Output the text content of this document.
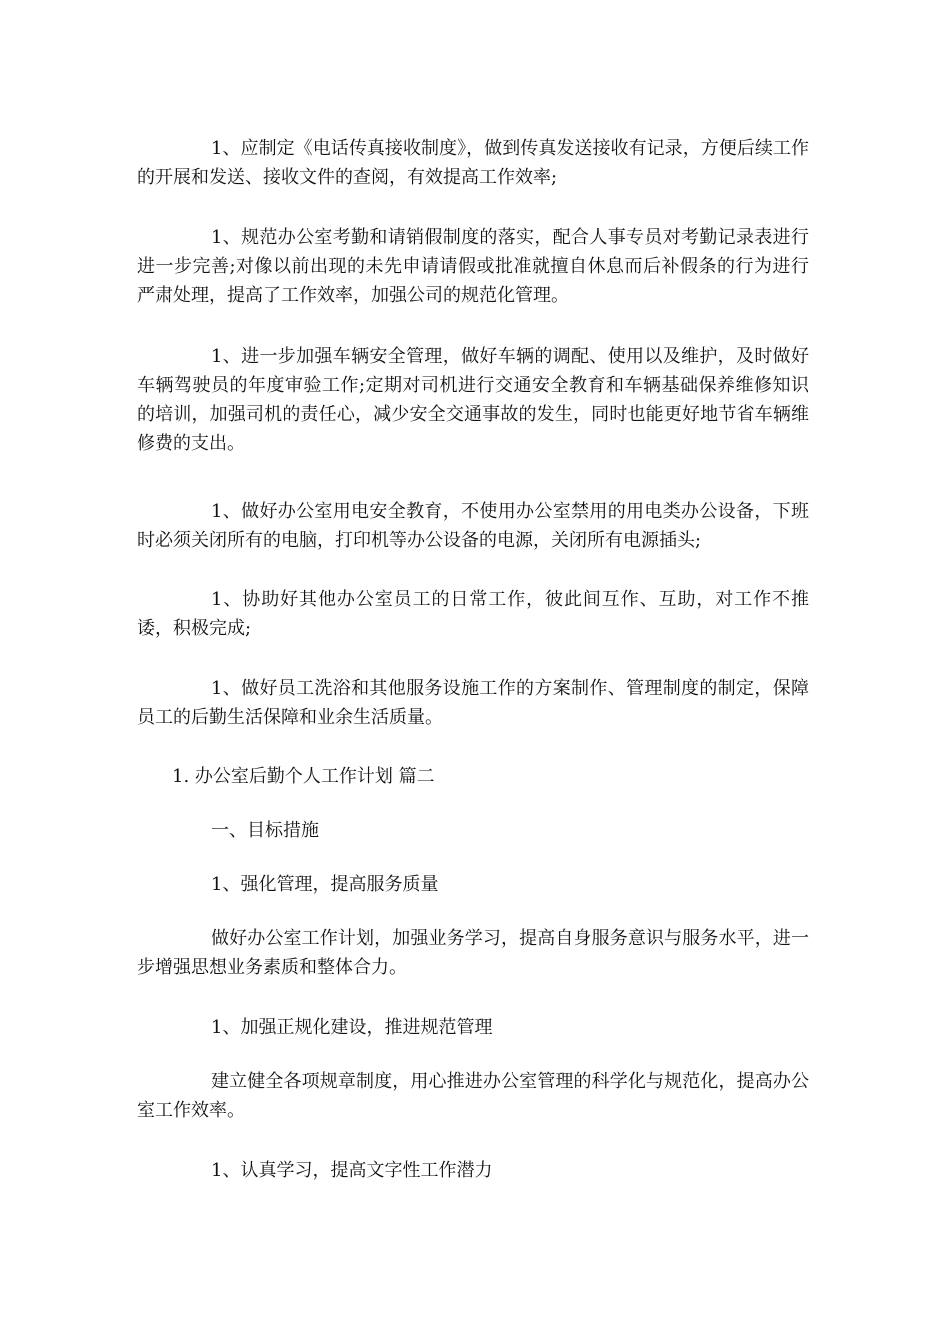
1、应制定《电话传真接收制度》，做到传真发送接收有记录，方便后续工作的开展和发送、接收文件的查阅，有效提高工作效率;

1、规范办公室考勤和请销假制度的落实，配合人事专员对考勤记录表进行进一步完善;对像以前出现的未先申请请假或批准就擅自休息而后补假条的行为进行严肃处理，提高了工作效率，加强公司的规范化管理。

1、进一步加强车辆安全管理，做好车辆的调配、使用以及维护，及时做好车辆驾驶员的年度审验工作;定期对司机进行交通安全教育和车辆基础保养维修知识的培训，加强司机的责任心，减少安全交通事故的发生，同时也能更好地节省车辆维修费的支出。

1、做好办公室用电安全教育，不使用办公室禁用的用电类办公设备，下班时必须关闭所有的电脑，打印机等办公设备的电源，关闭所有电源插头;

1、协助好其他办公室员工的日常工作，彼此间互作、互助，对工作不推诿，积极完成;

1、做好员工洗浴和其他服务设施工作的方案制作、管理制度的制定，保障员工的后勤生活保障和业余生活质量。

1. 办公室后勤个人工作计划 篇二

一、目标措施

1、强化管理，提高服务质量

做好办公室工作计划，加强业务学习，提高自身服务意识与服务水平，进一步增强思想业务素质和整体合力。

1、加强正规化建设，推进规范管理

建立健全各项规章制度，用心推进办公室管理的科学化与规范化，提高办公室工作效率。

1、认真学习，提高文字性工作潜力
